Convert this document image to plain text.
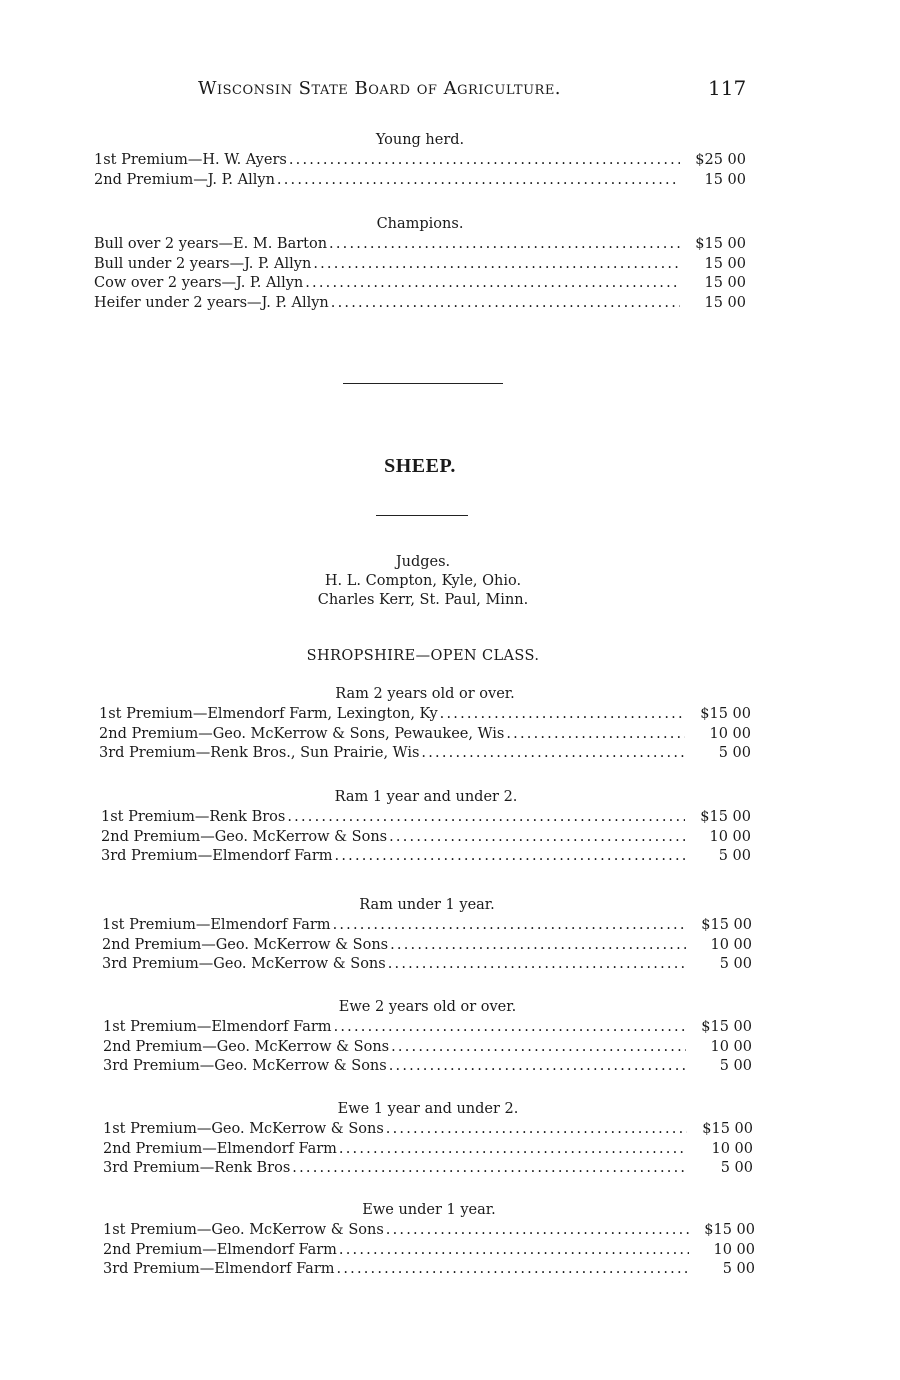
Wisconsin State Board of Agriculture.	117
Young herd.
1st Premium—H. W. Ayers .....	$25 00
2nd Premium—J. P. Allyn .....	15 00
Champions.
Bull over 2 years—E. M. Barton .....	$15 00
Bull under 2 years—J. P. Allyn .....	15 00
Cow over 2 years—J. P. Allyn .....	15 00
Heifer under 2 years—J. P. Allyn .....	15 00
SHEEP.
Judges.
H. L. Compton, Kyle, Ohio.
Charles Kerr, St. Paul, Minn.
SHROPSHIRE—OPEN CLASS.
Ram 2 years old or over.
1st Premium—Elmendorf Farm, Lexington, Ky .....	$15 00
2nd Premium—Geo. McKerrow & Sons, Pewaukee, Wis .....	10 00
3rd Premium—Renk Bros., Sun Prairie, Wis .....	5 00
Ram 1 year and under 2.
1st Premium—Renk Bros .....	$15 00
2nd Premium—Geo. McKerrow & Sons .....	10 00
3rd Premium—Elmendorf Farm .....	5 00
Ram under 1 year.
1st Premium—Elmendorf Farm .....	$15 00
2nd Premium—Geo. McKerrow & Sons .....	10 00
3rd Premium—Geo. McKerrow & Sons .....	5 00
Ewe 2 years old or over.
1st Premium—Elmendorf Farm .....	$15 00
2nd Premium—Geo. McKerrow & Sons .....	10 00
3rd Premium—Geo. McKerrow & Sons .....	5 00
Ewe 1 year and under 2.
1st Premium—Geo. McKerrow & Sons .....	$15 00
2nd Premium—Elmendorf Farm .....	10 00
3rd Premium—Renk Bros .....	5 00
Ewe under 1 year.
1st Premium—Geo. McKerrow & Sons .....	$15 00
2nd Premium—Elmendorf Farm .....	10 00
3rd Premium—Elmendorf Farm .....	5 00
